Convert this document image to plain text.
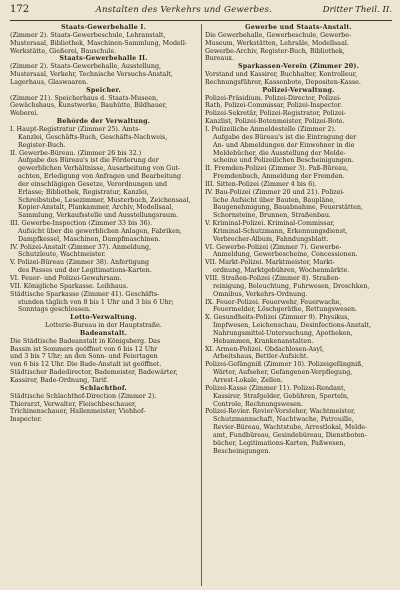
172	Anstalten des Verkehrs und Gewerbes.	Dritter Theil. II.
Staats-Gewerbehalle I.
(Zimmer 2). Staats-Gewerbeschule, Lehranstalt,
Mustersaal, Bibliothek, Maschinen-Sammlung, Modell-
Werkstätte, Gießerei, Bauschule.
Staats-Gewerbehalle II.
(Zimmer 2). Staats-Gewerbehalle, Ausstellung,
Mustersaal, Verkehr, Technische Versuchs-Anstalt,
Lagerhaus, Glaswaaren.
Speicher.
(Zimmer 21). Speicherhaus d. Staats-Museen,
Gewächshaus, Kunstwerke, Bauhütte, Bildhauer,
Weberei.
Behörde der Verwaltung.
I. Haupt-Registratur (Zimmer 25). Amts-
Kanzlei, Geschäfts-Buch, Geschäfts-Nachweis,
Register-Buch.
II. Gewerbe-Büreau. (Zimmer 26 bis 32.)
Aufgabe des Büreau's ist die Förderung der
gewerblichen Verhältnisse, Ausarbeitung von Gut-
achten, Erledigung von Anfragen und Bearbeitung
der einschlägigen Gesetze, Verordnungen und
Erlasse; Bibliothek, Registratur, Kanzlei,
Schreibstube, Lesezimmer, Musterbuch, Zeichensaal,
Kopier-Anstalt, Plankammer, Archiv, Modellsaal,
Sammlung, Verkaufsstelle und Ausstellungsraum.
III. Gewerbe-Inspection (Zimmer 33 bis 36).
Aufsicht über die gewerblichen Anlagen, Fabriken,
Dampfkessel, Maschinen, Dampfmaschinen.
IV. Polizei-Anstalt (Zimmer 37). Anmeldung,
Schutzleute, Wachtmeister.
V. Polizei-Büreau (Zimmer 38). Anfertigung
des Passes und der Legitimations-Karten.
VI. Feuer- und Polizei-Gewahrsam.
VII. Königliche Sparkasse. Leihhaus.
Städtische Sparkasse (Zimmer 41). Geschäfts-
stunden täglich von 8 bis 1 Uhr und 3 bis 6 Uhr;
Sonntags geschlossen.
Lotto-Verwaltung.
Lotterie-Bureau in der Hauptstraße.
Badeanstalt.
Die Städtische Badeanstalt in Königsberg. Das
Bassin ist Sommers geöffnet von 6 bis 12 Uhr
und 3 bis 7 Uhr; an den Sonn- und Feiertagen
von 6 bis 12 Uhr. Die Bade-Anstalt ist geöffnet.
Städtischer Badedirector, Bademeister, Badewärter,
Kassirer, Bade-Ordnung, Tarif.
Schlachthof.
Städtische Schlachthof-Direction (Zimmer 2).
Thierarzt, Verwalter, Fleischbeschauer,
Trichinenschauer, Hallenmeister, Viehhof-
Inspector.
Gewerbe und Staats-Anstalt.
Die Gewerbehalle, Gewerbeschule, Gewerbe-
Museum, Werkstätten, Lehrsäle, Modellsaal.
Gewerbe-Archiv, Register-Buch, Bibliothek,
Bureaux.
Sparkassen-Verein (Zimmer 20).
Vorstand und Kassirer, Buchhalter, Kontrolleur,
Rechnungsführer, Kassenbote, Depositen-Kasse.
Polizei-Verwaltung.
Polizei-Präsidium. Polizei-Director, Polizei-
Rath, Polizei-Commissar, Polizei-Inspector.
Polizei-Sekretär, Polizei-Registrator, Polizei-
Kanzlist, Polizei-Botenmeister, Polizei-Bote.
I. Polizeiliche Anmeldestelle (Zimmer 2).
Aufgabe des Büreau's ist die Eintragung der
An- und Abmeldungen der Einwohner in die
Meldebücher, die Ausstellung der Melde-
scheine und Polizeilichen Bescheinigungen.
II. Fremden-Polizei (Zimmer 3). Paß-Büreau,
Fremdenbuch, Anmeldung der Fremden.
III. Sitten-Polizei (Zimmer 4 bis 6).
IV. Bau-Polizei (Zimmer 20 und 21). Polizei-
liche Aufsicht über Bauten, Baupläne,
Baugenehmigung, Bauabnahme, Feuerstätten,
Schornsteine, Brunnen, Straßenbau.
V. Kriminal-Polizei. Kriminal-Commissar,
Kriminal-Schutzmann, Erkennungsdienst,
Verbrecher-Album, Fahndungsblatt.
VI. Gewerbe-Polizei (Zimmer 7). Gewerbe-
Anmeldung, Gewerbescheine, Concessionen.
VII. Markt-Polizei. Marktmeister, Markt-
ordnung, Marktgebühren, Wochenmärkte.
VIII. Straßen-Polizei (Zimmer 8). Straßen-
reinigung, Beleuchtung, Fuhrwesen, Droschken,
Omnibus, Verkehrs-Ordnung.
IX. Feuer-Polizei. Feuerwehr, Feuerwache,
Feuermelder, Löschgeräthe, Rettungswesen.
X. Gesundheits-Polizei (Zimmer 9). Physikus,
Impfwesen, Leichenschau, Desinfections-Anstalt,
Nahrungsmittel-Untersuchung, Apotheken,
Hebammen, Krankenanstalten.
XI. Armen-Polizei. Obdachlosen-Asyl,
Arbeitshaus, Bettler-Aufsicht.
Polizei-Gefängniß (Zimmer 10). Polizeigefängniß,
Wärter, Aufseher, Gefangenen-Verpflegung,
Arrest-Lokale, Zellen.
Polizei-Kasse (Zimmer 11). Polizei-Rendant,
Kassirer, Strafgelder, Gebühren, Sporteln,
Controle, Rechnungswesen.
Polizei-Revier. Revier-Vorsteher, Wachtmeister,
Schutzmannschaft, Nachtwache, Patrouille,
Revier-Büreau, Wachtstube, Arrestlokal, Melde-
amt, Fundbüreau, Gesindebüreau, Dienstboten-
bücher, Legitimations-Karten, Paßwesen,
Bescheinigungen.
